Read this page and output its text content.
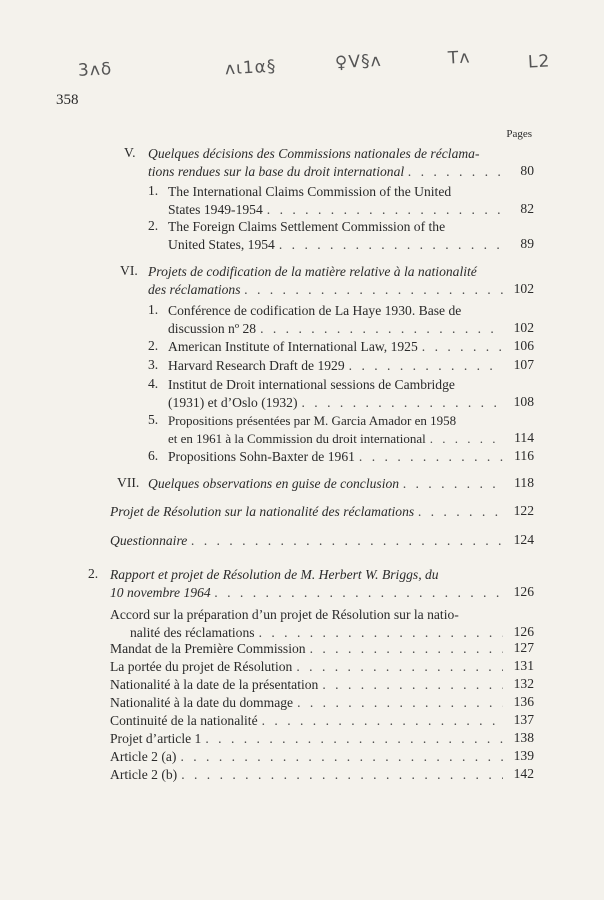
3ʌδ	ʌι1α§	♀V§ʌ	Tʌ	L2
358
Pages
V. Quelques décisions des Commissions nationales de réclama-
tions rendues sur la base du droit international . . .	80
1. The International Claims Commission of the United
States 1949-1954 . . .	82
2. The Foreign Claims Settlement Commission of the
United States, 1954 . . .	89
VI. Projets de codification de la matière relative à la nationalité
des réclamations . . .	102
1. Conférence de codification de La Haye 1930. Base de
discussion nº 28 . . .	102
2. American Institute of International Law, 1925 . . .	106
3. Harvard Research Draft de 1929 . . .	107
4. Institut de Droit international sessions de Cambridge
(1931) et d’Oslo (1932) . . .	108
5. Propositions présentées par M. Garcia Amador en 1958
et en 1961 à la Commission du droit international . . .	114
6. Propositions Sohn-Baxter de 1961 . . .	116
VII. Quelques observations en guise de conclusion . . .	118
Projet de Résolution sur la nationalité des réclamations . . .	122
Questionnaire . . .	124
2. Rapport et projet de Résolution de M. Herbert W. Briggs, du
10 novembre 1964 . . .	126
Accord sur la préparation d’un projet de Résolution sur la natio-
nalité des réclamations . . .	126
Mandat de la Première Commission . . .	127
La portée du projet de Résolution . . .	131
Nationalité à la date de la présentation . . .	132
Nationalité à la date du dommage . . .	136
Continuité de la nationalité . . .	137
Projet d’article 1 . . .	138
Article 2 (a) . . .	139
Article 2 (b) . . .	142
